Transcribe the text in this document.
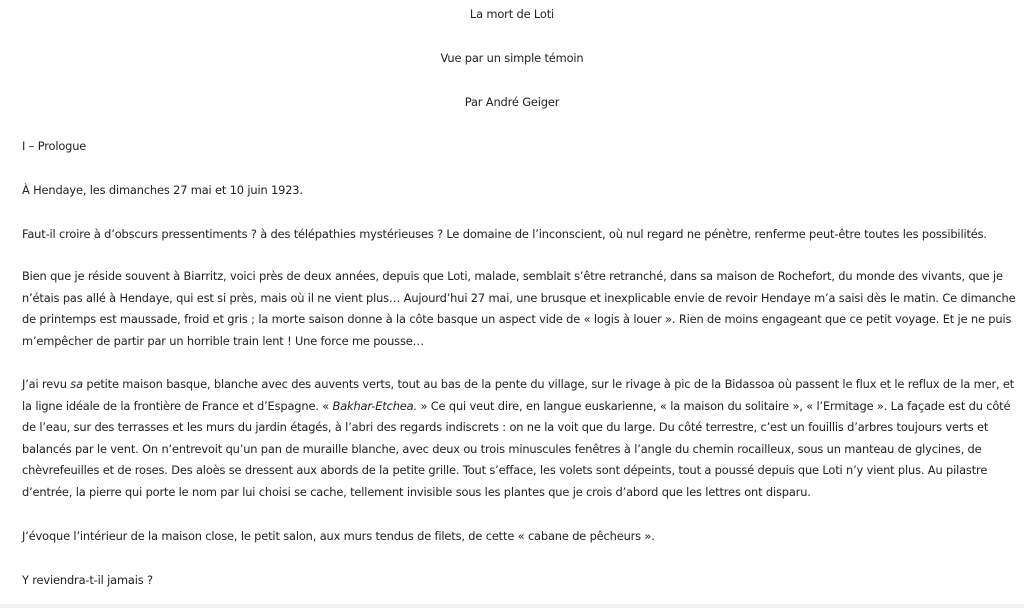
La mort de Loti

Vue par un simple témoin

Par André Geiger

I – Prologue

À Hendaye, les dimanches 27 mai et 10 juin 1923.

Faut-il croire à d’obscurs pressentiments ? à des télépathies mystérieuses ? Le domaine de l’inconscient, où nul regard ne pénètre, renferme peut-être toutes les possibilités.

Bien que je réside souvent à Biarritz, voici près de deux années, depuis que Loti, malade, semblait s’être retranché, dans sa maison de Rochefort, du monde des vivants, que je n’étais pas allé à Hendaye, qui est si près, mais où il ne vient plus… Aujourd’hui 27 mai, une brusque et inexplicable envie de revoir Hendaye m’a saisi dès le matin. Ce dimanche de printemps est maussade, froid et gris ; la morte saison donne à la côte basque un aspect vide de « logis à louer ». Rien de moins engageant que ce petit voyage. Et je ne puis m’empêcher de partir par un horrible train lent ! Une force me pousse…

J’ai revu sa petite maison basque, blanche avec des auvents verts, tout au bas de la pente du village, sur le rivage à pic de la Bidassoa où passent le flux et le reflux de la mer, et la ligne idéale de la frontière de France et d’Espagne. « Bakhar-Etchea. » Ce qui veut dire, en langue euskarienne, « la maison du solitaire », « l’Ermitage ». La façade est du côté de l’eau, sur des terrasses et les murs du jardin étagés, à l’abri des regards indiscrets : on ne la voit que du large. Du côté terrestre, c’est un fouillis d’arbres toujours verts et balancés par le vent. On n’entrevoit qu’un pan de muraille blanche, avec deux ou trois minuscules fenêtres à l’angle du chemin rocailleux, sous un manteau de glycines, de chèvrefeuilles et de roses. Des aloès se dressent aux abords de la petite grille. Tout s’efface, les volets sont dépeints, tout a poussé depuis que Loti n’y vient plus. Au pilastre d’entrée, la pierre qui porte le nom par lui choisi se cache, tellement invisible sous les plantes que je crois d’abord que les lettres ont disparu.

J’évoque l’intérieur de la maison close, le petit salon, aux murs tendus de filets, de cette « cabane de pêcheurs ».

Y reviendra-t-il jamais ?
